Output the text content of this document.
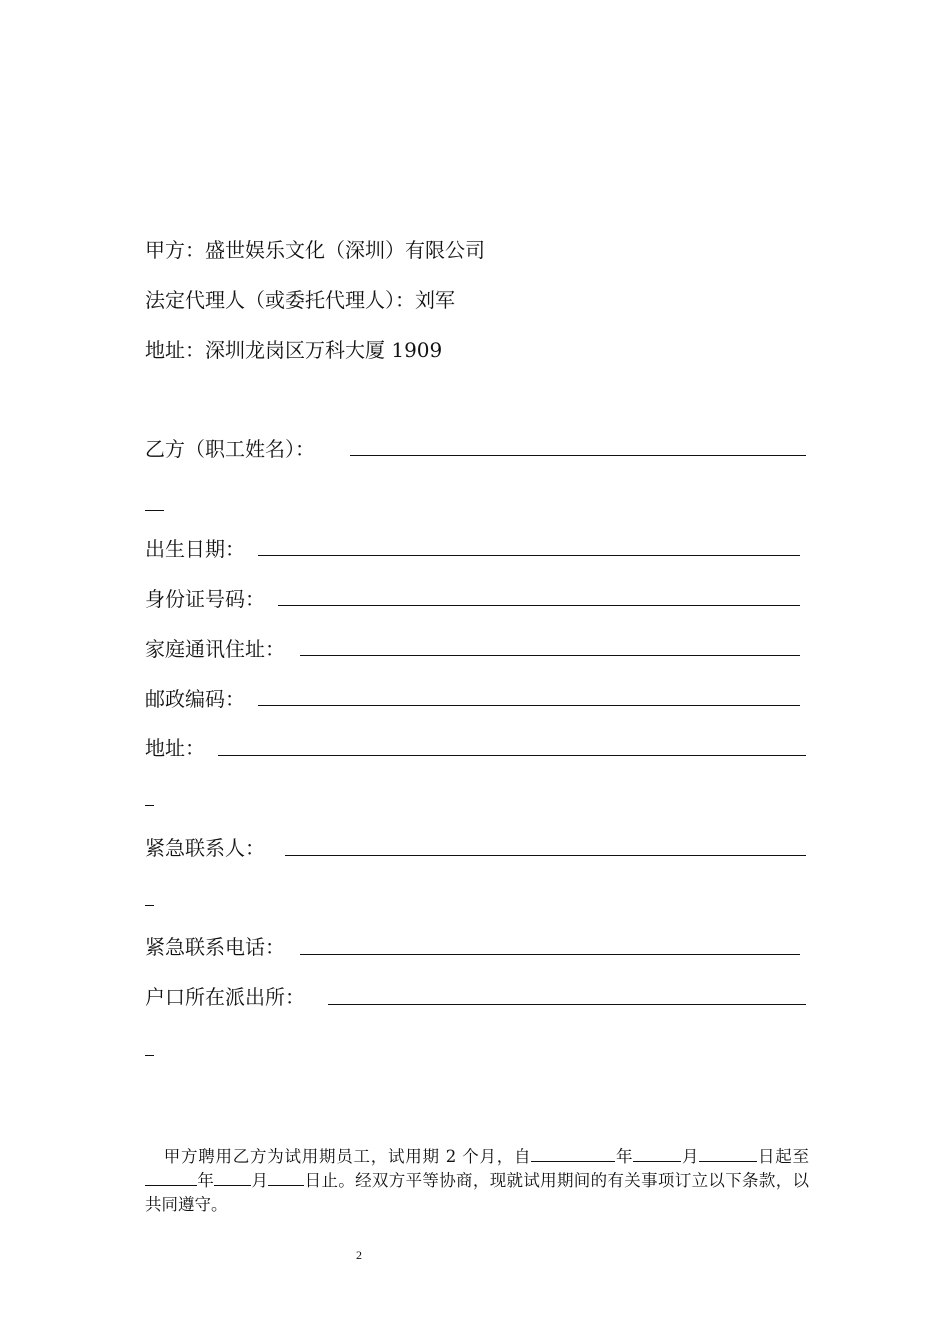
甲方：盛世娱乐文化（深圳）有限公司
法定代理人（或委托代理人）：刘军
地址：深圳龙岗区万科大厦 1909
乙方（职工姓名）：
出生日期：
身份证号码：
家庭通讯住址：
邮政编码：
地址：
紧急联系人：
紧急联系电话：
户口所在派出所：
甲方聘用乙方为试用期员工，试用期 2 个月，自	年	月	日起至年 月 日止。经双方平等协商，现就试用期间的有关事项订立以下条款，以共同遵守。
2
